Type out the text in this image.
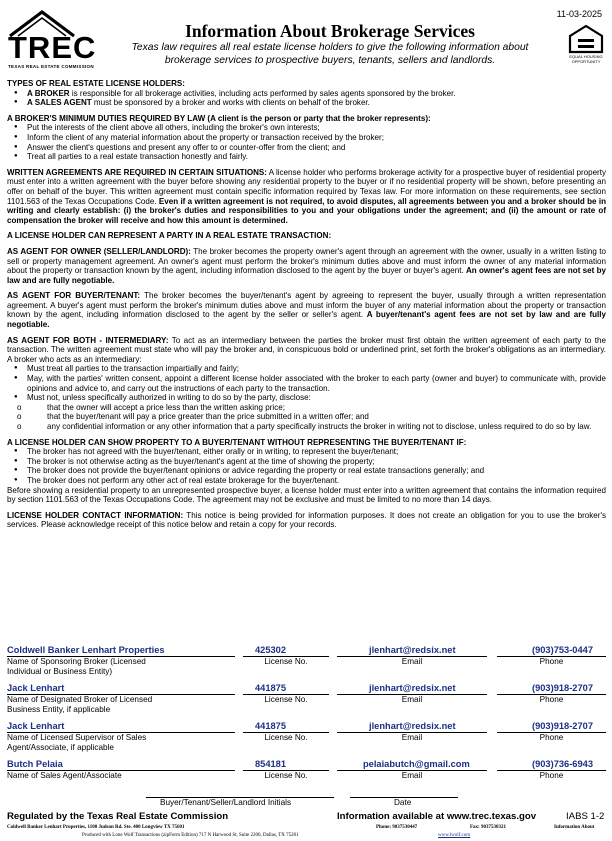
TREC
TEXAS REAL ESTATE COMMISSION
11-03-2025
EQUAL HOUSING OPPORTUNITY
Information About Brokerage Services
Texas law requires all real estate license holders to give the following information about brokerage services to prospective buyers, tenants, sellers and landlords.

TYPES OF REAL ESTATE LICENSE HOLDERS:

● A BROKER is responsible for all brokerage activities, including acts performed by sales agents sponsored by the broker.
● A SALES AGENT must be sponsored by a broker and works with clients on behalf of the broker.

A BROKER'S MINIMUM DUTIES REQUIRED BY LAW (A client is the person or party that the broker represents):

● Put the interests of the client above all others, including the broker's own interests;
● Inform the client of any material information about the property or transaction received by the broker;
● Answer the client's questions and present any offer to or counter-offer from the client; and
● Treat all parties to a real estate transaction honestly and fairly.

WRITTEN AGREEMENTS ARE REQUIRED IN CERTAIN SITUATIONS: A license holder who performs brokerage activity for a prospective buyer of residential property must enter into a written agreement with the buyer before showing any residential property to the buyer or if no residential property will be shown, before presenting an offer on behalf of the buyer. This written agreement must contain specific information required by Texas law. For more information on these requirements, see section 1101.563 of the Texas Occupations Code. Even if a written agreement is not required, to avoid disputes, all agreements between you and a broker should be in writing and clearly establish: (i) the broker's duties and responsibilities to you and your obligations under the agreement; and (ii) the amount or rate of compensation the broker will receive and how this amount is determined.

A LICENSE HOLDER CAN REPRESENT A PARTY IN A REAL ESTATE TRANSACTION:

AS AGENT FOR OWNER (SELLER/LANDLORD): The broker becomes the property owner's agent through an agreement with the owner, usually in a written listing to sell or property management agreement. An owner's agent must perform the broker's minimum duties above and must inform the owner of any material information about the property or transaction known by the agent, including information disclosed to the agent by the buyer or buyer's agent. An owner's agent fees are not set by law and are fully negotiable.

AS AGENT FOR BUYER/TENANT: The broker becomes the buyer/tenant's agent by agreeing to represent the buyer, usually through a written representation agreement. A buyer's agent must perform the broker's minimum duties above and must inform the buyer of any material information about the property or transaction known by the agent, including information disclosed to the agent by the seller or seller's agent. A buyer/tenant's agent fees are not set by law and are fully negotiable.

AS AGENT FOR BOTH - INTERMEDIARY: To act as an intermediary between the parties the broker must first obtain the written agreement of each party to the transaction. The written agreement must state who will pay the broker and, in conspicuous bold or underlined print, set forth the broker's obligations as an intermediary. A broker who acts as an intermediary:

● Must treat all parties to the transaction impartially and fairly;
● May, with the parties' written consent, appoint a different license holder associated with the broker to each party (owner and buyer) to communicate with, provide opinions and advice to, and carry out the instructions of each party to the transaction.
● Must not, unless specifically authorized in writing to do so by the party, disclose:
o that the owner will accept a price less than the written asking price;
o that the buyer/tenant will pay a price greater than the price submitted in a written offer; and
o any confidential information or any other information that a party specifically instructs the broker in writing not to disclose, unless required to do so by law.

A LICENSE HOLDER CAN SHOW PROPERTY TO A BUYER/TENANT WITHOUT REPRESENTING THE BUYER/TENANT IF:

● The broker has not agreed with the buyer/tenant, either orally or in writing, to represent the buyer/tenant;
● The broker is not otherwise acting as the buyer/tenant's agent at the time of showing the property;
● The broker does not provide the buyer/tenant opinions or advice regarding the property or real estate transactions generally; and
● The broker does not perform any other act of real estate brokerage for the buyer/tenant.

Before showing a residential property to an unrepresented prospective buyer, a license holder must enter into a written agreement that contains the information required by section 1101.563 of the Texas Occupations Code. The agreement may not be exclusive and must be limited to no more than 14 days.

LICENSE HOLDER CONTACT INFORMATION: This notice is being provided for information purposes. It does not create an obligation for you to use the broker's services. Please acknowledge receipt of this notice below and retain a copy for your records.

Coldwell Banker Lenhart Properties	425302	jlenhart@redsix.net	(903)753-0447
Name of Sponsoring Broker (Licensed Individual or Business Entity)
License No.	Email	Phone
Jack Lenhart	441875	jlenhart@redsix.net	(903)918-2707
Name of Designated Broker of Licensed Business Entity, if applicable
License No.	Email	Phone
Jack Lenhart	441875	jlenhart@redsix.net	(903)918-2707
Name of Licensed Supervisor of Sales Agent/Associate, if applicable
License No.	Email	Phone
Butch Pelaia	854181	pelaiabutch@gmail.com	(903)736-6943
Name of Sales Agent/Associate	License No.	Email	Phone
Buyer/Tenant/Seller/Landlord Initials	Date
Regulated by the Texas Real Estate Commission	Information available at www.trec.texas.gov	IABS 1-2
Coldwell Banker Lenhart Properties, 1100 Judson Rd. Ste. 400 Longview TX 75601	Phone: 9037530447	Fax: 9037530321	Information About
Produced with Lone Wolf Transactions (zipForm Edition) 717 N Harwood St, Suite 2200, Dallas, TX 75201	www.lwolf.com
